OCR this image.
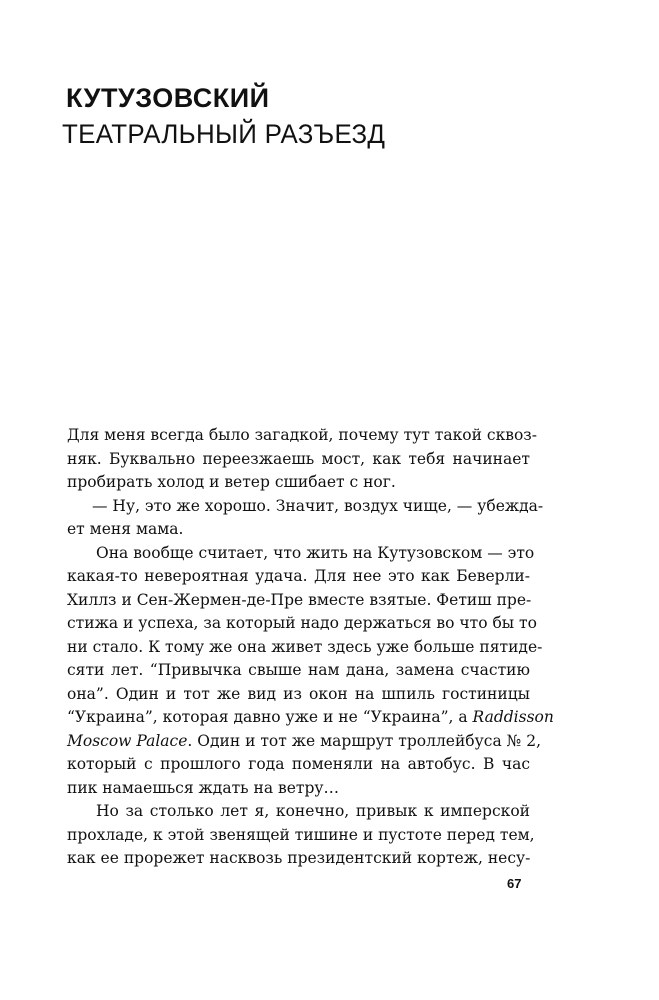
КУТУЗОВСКИЙ
ТЕАТРАЛЬНЫЙ РАЗЪЕЗД
Для меня всегда было загадкой, почему тут такой сквоз-
няк. Буквально переезжаешь мост, как тебя начинает
пробирать холод и ветер сшибает с ног.
— Ну, это же хорошо. Значит, воздух чище, — убежда-
ет меня мама.
Она вообще считает, что жить на Кутузовском — это
какая-то невероятная удача. Для нее это как Беверли-
Хиллз и Сен-Жермен-де-Пре вместе взятые. Фетиш пре-
стижа и успеха, за который надо держаться во что бы то
ни стало. К тому же она живет здесь уже больше пятиде-
сяти лет. “Привычка свыше нам дана, замена счастию
она”. Один и тот же вид из окон на шпиль гостиницы
“Украина”, которая давно уже и не “Украина”, а Raddisson
Moscow Palace. Один и тот же маршрут троллейбуса № 2,
который с прошлого года поменяли на автобус. В час
пик намаешься ждать на ветру…
Но за столько лет я, конечно, привык к имперской
прохладе, к этой звенящей тишине и пустоте перед тем,
как ее прорежет насквозь президентский кортеж, несу-
67
